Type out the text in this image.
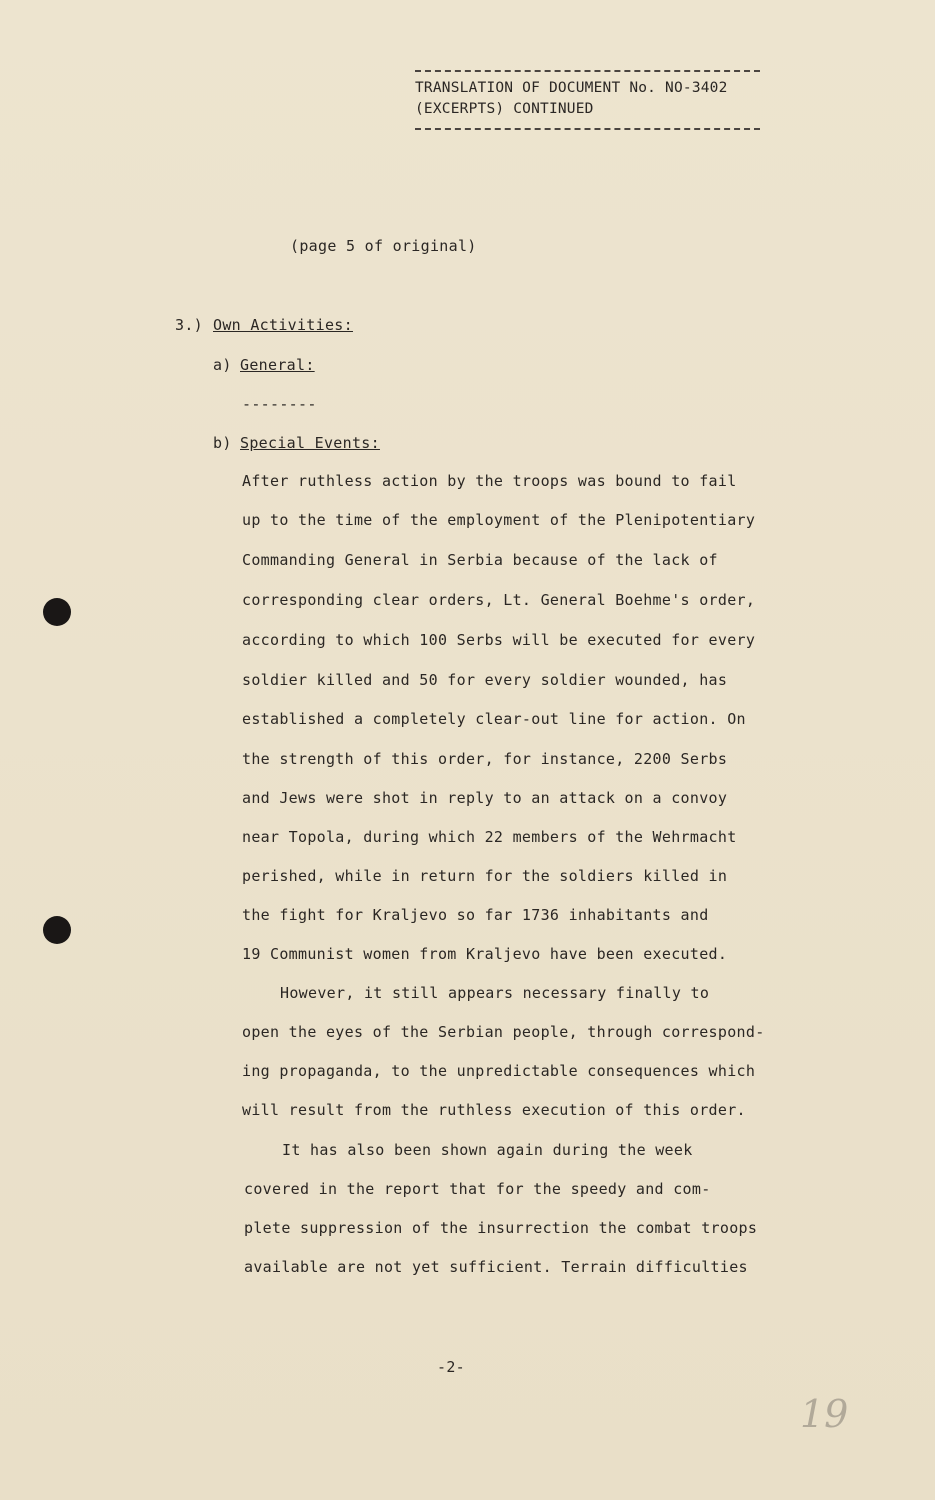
TRANSLATION OF DOCUMENT No. NO-3402
(EXCERPTS) CONTINUED
(page 5 of original)
3.) Own Activities:
a) General:
--------
b) Special Events:
After ruthless action by the troops was bound to fail
up to the time of the employment of the Plenipotentiary
Commanding General in Serbia because of the lack of
corresponding clear orders, Lt. General Boehme's order,
according to which 100 Serbs will be executed for every
soldier killed and 50 for every soldier wounded, has
established a completely clear-out line for action. On
the strength of this order, for instance, 2200 Serbs
and Jews were shot in reply to an attack on a convoy
near Topola, during which 22 members of the Wehrmacht
perished, while in return for the soldiers killed in
the fight for Kraljevo so far 1736 inhabitants and
19 Communist women from Kraljevo have been executed.
However, it still appears necessary finally to
open the eyes of the Serbian people, through correspond-
ing propaganda, to the unpredictable consequences which
will result from the ruthless execution of this order.
It has also been shown again during the week
covered in the report that for the speedy and com-
plete suppression of the insurrection the combat troops
available are not yet sufficient. Terrain difficulties
-2-
19
